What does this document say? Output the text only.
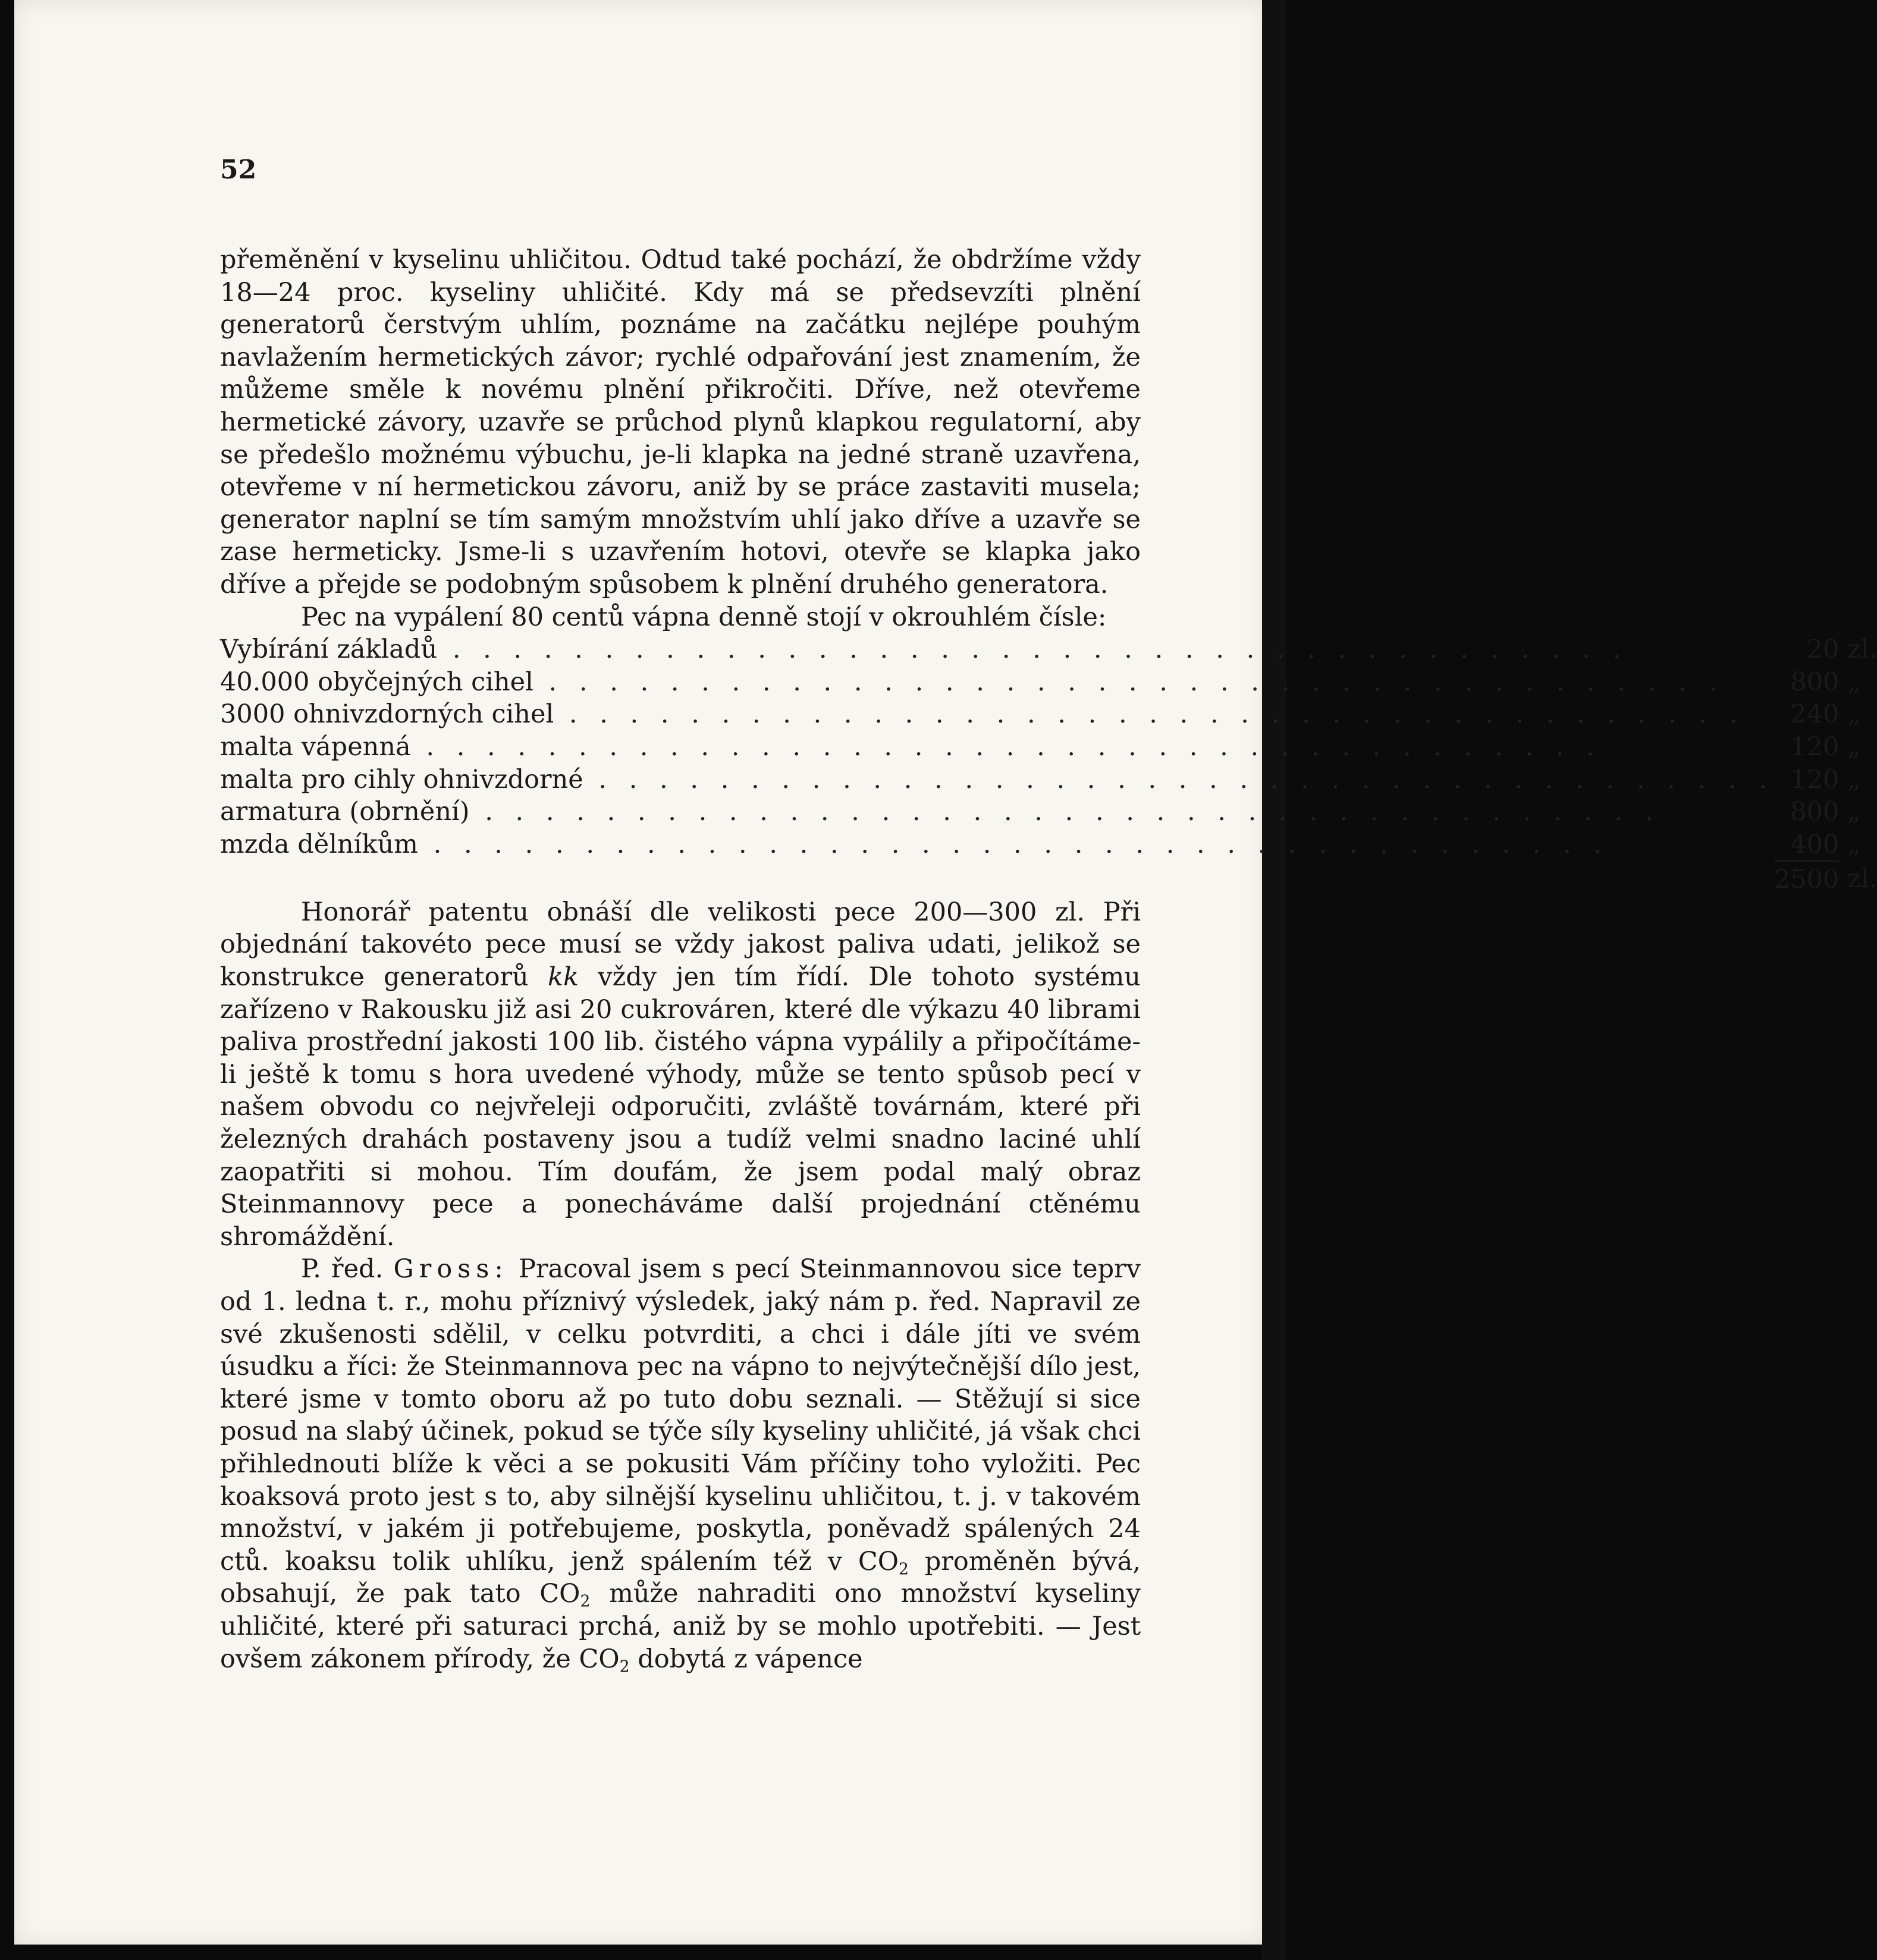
52

přeměnění v kyselinu uhličitou. Odtud také pochází, že obdržíme vždy 18—24 proc. kyseliny uhličité. Kdy má se předsevzíti plnění generatorů čerstvým uhlím, poznáme na začátku nejlépe pouhým navlažením hermetických závor; rychlé odpařování jest znamením, že můžeme směle k novému plnění přikročiti. Dříve, než otevřeme hermetické závory, uzavře se průchod plynů klapkou regulatorní, aby se předešlo možnému výbuchu, je-li klapka na jedné straně uzavřena, otevřeme v ní hermetickou závoru, aniž by se práce zastaviti musela; generator naplní se tím samým množstvím uhlí jako dříve a uzavře se zase hermeticky. Jsme-li s uzavřením hotovi, otevře se klapka jako dříve a přejde se podobným spůsobem k plnění druhého generatora.

Pec na vypálení 80 centů vápna denně stojí v okrouhlém čísle:

Vybírání základů . . . . . . . . . . . . . . . . . . . . . . . . . . . . . . . . . . . . . . .	20	zl.
40.000 obyčejných cihel . . . . . . . . . . . . . . . . . . . . . . . . . . . . . . . . . . . . . . .	800	„
3000 ohnivzdorných cihel . . . . . . . . . . . . . . . . . . . . . . . . . . . . . . . . . . . . . . .	240	„
malta vápenná . . . . . . . . . . . . . . . . . . . . . . . . . . . . . . . . . . . . . . .	120	„
malta pro cihly ohnivzdorné . . . . . . . . . . . . . . . . . . . . . . . . . . . . . . . . . . . . . . .	120	„
armatura (obrnění) . . . . . . . . . . . . . . . . . . . . . . . . . . . . . . . . . . . . . . .	800	„
mzda dělníkům . . . . . . . . . . . . . . . . . . . . . . . . . . . . . . . . . . . . . . .	400	„
	2500	zl.

Honorář patentu obnáší dle velikosti pece 200—300 zl. Při objednání takovéto pece musí se vždy jakost paliva udati, jelikož se konstrukce generatorů kk vždy jen tím řídí. Dle tohoto systému zařízeno v Rakousku již asi 20 cukrováren, které dle výkazu 40 librami paliva prostřední jakosti 100 lib. čistého vápna vypálily a připočítáme-li ještě k tomu s hora uvedené výhody, může se tento spůsob pecí v našem obvodu co nejvřeleji odporučiti, zvláště továrnám, které při železných drahách postaveny jsou a tudíž velmi snadno laciné uhlí zaopatřiti si mohou. Tím doufám, že jsem podal malý obraz Steinmannovy pece a ponecháváme další projednání ctěnému shromáždění.

P. řed. Gross: Pracoval jsem s pecí Steinmannovou sice teprv od 1. ledna t. r., mohu příznivý výsledek, jaký nám p. řed. Napravil ze své zkušenosti sdělil, v celku potvrditi, a chci i dále jíti ve svém úsudku a říci: že Steinmannova pec na vápno to nejvýtečnější dílo jest, které jsme v tomto oboru až po tuto dobu seznali. — Stěžují si sice posud na slabý účinek, pokud se týče síly kyseliny uhličité, já však chci přihlednouti blíže k věci a se pokusiti Vám příčiny toho vyložiti. Pec koaksová proto jest s to, aby silnější kyselinu uhličitou, t. j. v takovém množství, v jakém ji potřebujeme, poskytla, poněvadž spálených 24 ctů. koaksu tolik uhlíku, jenž spálením též v $CO_2$ proměněn bývá, obsahují, že pak tato $CO_2$ může nahraditi ono množství kyseliny uhličité, které při saturaci prchá, aniž by se mohlo upotřebiti. — Jest ovšem zákonem přírody, že $CO_2$ dobytá z vápence
